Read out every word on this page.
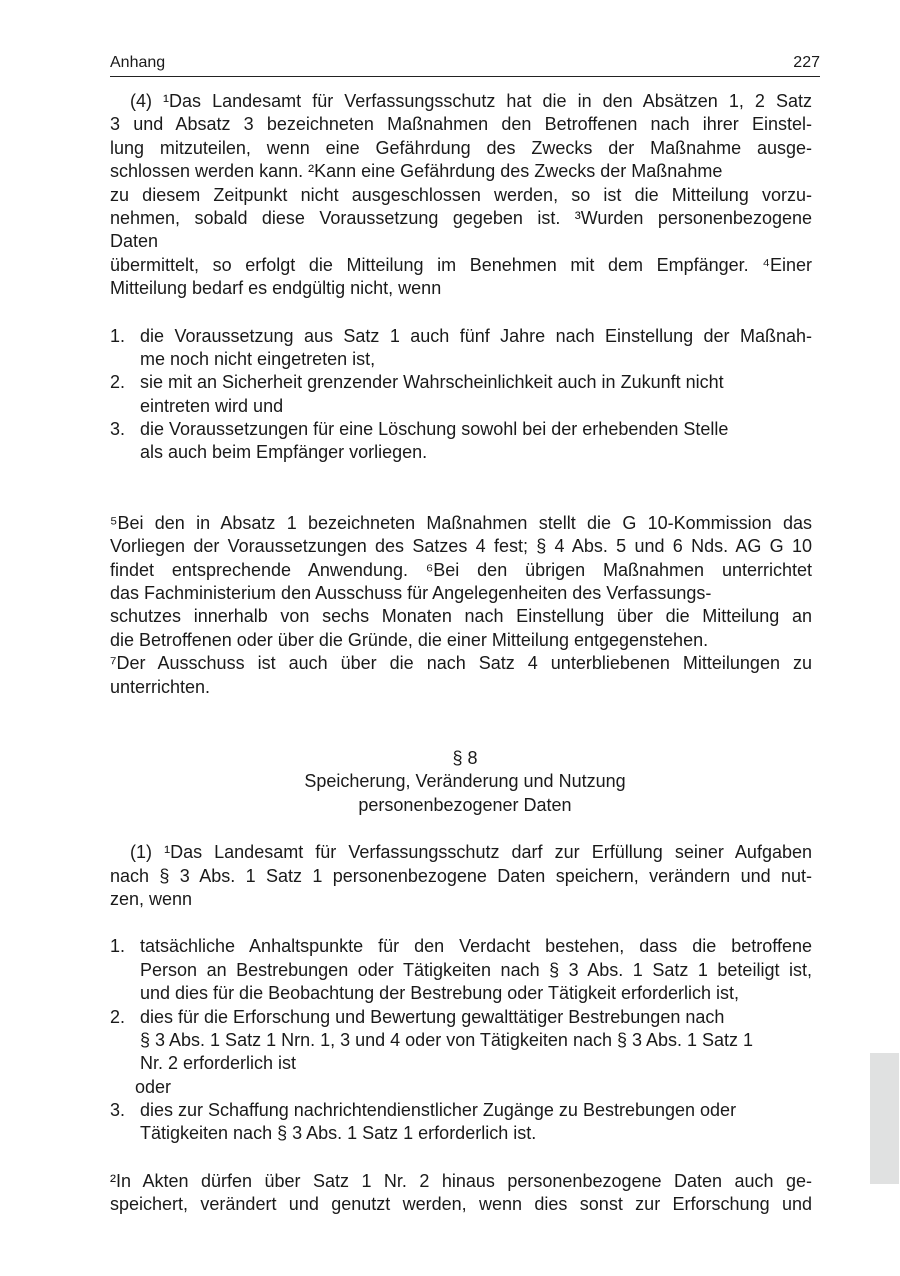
Anhang	227
(4) ¹Das Landesamt für Verfassungsschutz hat die in den Absätzen 1, 2 Satz
3 und Absatz 3 bezeichneten Maßnahmen den Betroffenen nach ihrer Einstel-
lung mitzuteilen, wenn eine Gefährdung des Zwecks der Maßnahme ausge-
schlossen werden kann. ²Kann eine Gefährdung des Zwecks der Maßnahme
zu diesem Zeitpunkt nicht ausgeschlossen werden, so ist die Mitteilung vorzu-
nehmen, sobald diese Voraussetzung gegeben ist. ³Wurden personenbezogene
Daten
übermittelt, so erfolgt die Mitteilung im Benehmen mit dem Empfänger. ⁴Einer
Mitteilung bedarf es endgültig nicht, wenn
1. die Voraussetzung aus Satz 1 auch fünf Jahre nach Einstellung der Maßnah-
me noch nicht eingetreten ist,
2. sie mit an Sicherheit grenzender Wahrscheinlichkeit auch in Zukunft nicht
eintreten wird und
3. die Voraussetzungen für eine Löschung sowohl bei der erhebenden Stelle
als auch beim Empfänger vorliegen.
⁵Bei den in Absatz 1 bezeichneten Maßnahmen stellt die G 10-Kommission das
Vorliegen der Voraussetzungen des Satzes 4 fest; § 4 Abs. 5 und 6 Nds. AG G 10
findet entsprechende Anwendung. ⁶Bei den übrigen Maßnahmen unterrichtet
das Fachministerium den Ausschuss für Angelegenheiten des Verfassungs-
schutzes innerhalb von sechs Monaten nach Einstellung über die Mitteilung an
die Betroffenen oder über die Gründe, die einer Mitteilung entgegenstehen.
⁷Der Ausschuss ist auch über die nach Satz 4 unterbliebenen Mitteilungen zu
unterrichten.
§ 8
Speicherung, Veränderung und Nutzung
personenbezogener Daten
(1) ¹Das Landesamt für Verfassungsschutz darf zur Erfüllung seiner Aufgaben
nach § 3 Abs. 1 Satz 1 personenbezogene Daten speichern, verändern und nut-
zen, wenn
1. tatsächliche Anhaltspunkte für den Verdacht bestehen, dass die betroffene
Person an Bestrebungen oder Tätigkeiten nach § 3 Abs. 1 Satz 1 beteiligt ist,
und dies für die Beobachtung der Bestrebung oder Tätigkeit erforderlich ist,
2. dies für die Erforschung und Bewertung gewalttätiger Bestrebungen nach
§ 3 Abs. 1 Satz 1 Nrn. 1, 3 und 4 oder von Tätigkeiten nach § 3 Abs. 1 Satz 1
Nr. 2 erforderlich ist
oder
3. dies zur Schaffung nachrichtendienstlicher Zugänge zu Bestrebungen oder
Tätigkeiten nach § 3 Abs. 1 Satz 1 erforderlich ist.
²In Akten dürfen über Satz 1 Nr. 2 hinaus personenbezogene Daten auch ge-
speichert, verändert und genutzt werden, wenn dies sonst zur Erforschung und
